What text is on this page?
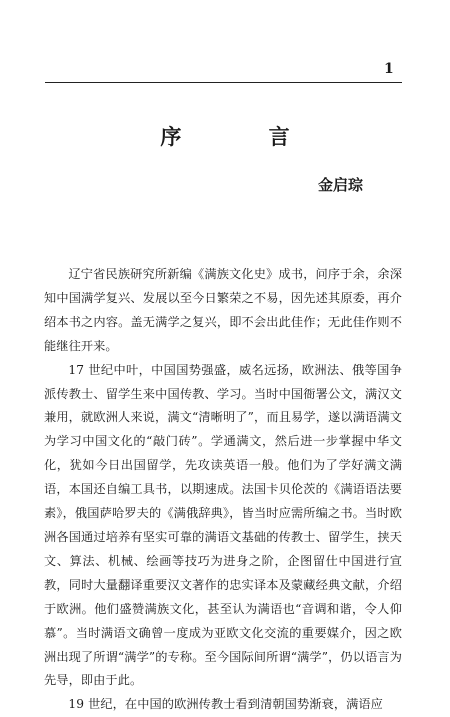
1
序 言
金启琮

辽宁省民族研究所新编《满族文化史》成书，问序于余，余深知中国满学复兴、发展以至今日繁荣之不易，因先述其原委，再介绍本书之内容。盖无满学之复兴，即不会出此佳作；无此佳作则不能继往开来。

17 世纪中叶，中国国势强盛，威名远扬，欧洲法、俄等国争派传教士、留学生来中国传教、学习。当时中国衙署公文，满汉文兼用，就欧洲人来说，满文“清晰明了”，而且易学，遂以满语满文为学习中国文化的“敲门砖”。学通满文，然后进一步掌握中华文化，犹如今日出国留学，先攻读英语一般。他们为了学好满文满语，本国还自编工具书，以期速成。法国卡贝伦茨的《满语语法要素》，俄国萨哈罗夫的《满俄辞典》，皆当时应需所编之书。当时欧洲各国通过培养有坚实可靠的满语文基础的传教士、留学生，挟天文、算法、机械、绘画等技巧为进身之阶，企图留仕中国进行宣教，同时大量翻译重要汉文著作的忠实译本及蒙藏经典文献，介绍于欧洲。他们盛赞满族文化，甚至认为满语也“音调和谐，令人仰慕”。当时满语文确曾一度成为亚欧文化交流的重要媒介，因之欧洲出现了所谓“满学”的专称。至今国际间所谓“满学”，仍以语言为先导，即由于此。

19 世纪，在中国的欧洲传教士看到清朝国势渐衰，满语应
